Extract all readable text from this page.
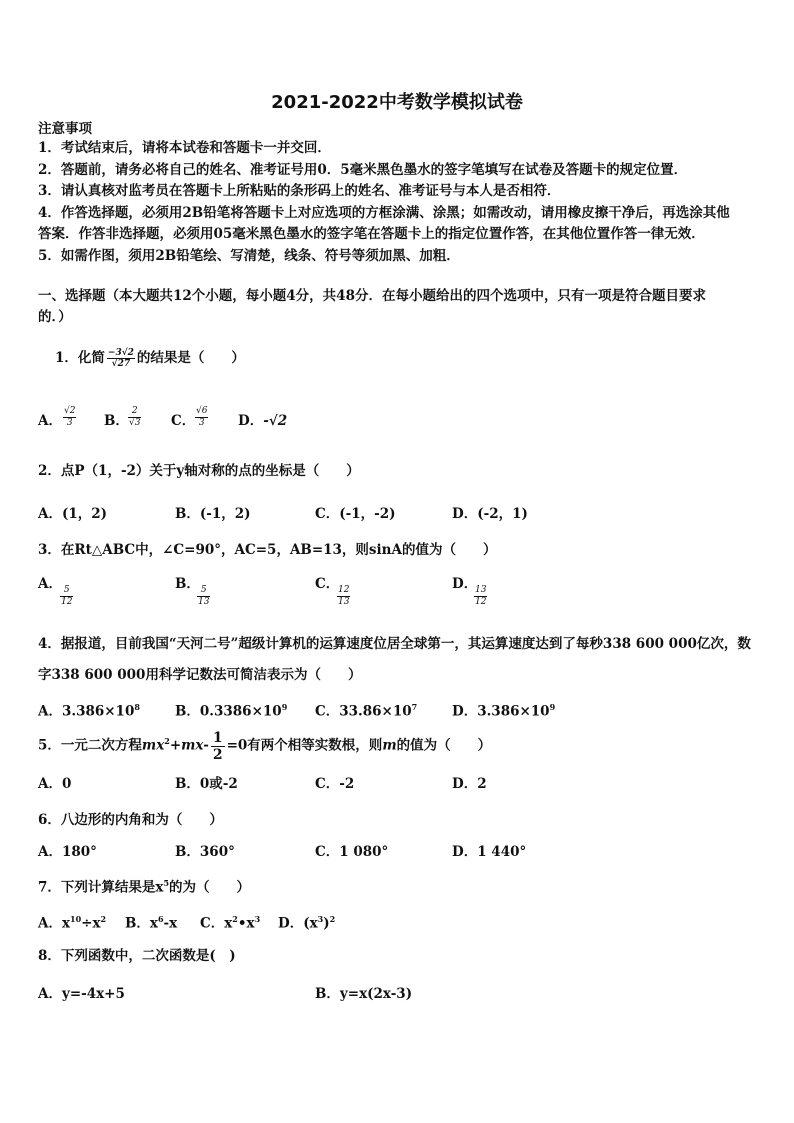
2021-2022中考数学模拟试卷
注意事项
1．考试结束后，请将本试卷和答题卡一并交回．
2．答题前，请务必将自己的姓名、准考证号用0．5毫米黑色墨水的签字笔填写在试卷及答题卡的规定位置．
3．请认真核对监考员在答题卡上所粘贴的条形码上的姓名、准考证号与本人是否相符．
4．作答选择题，必须用2B铅笔将答题卡上对应选项的方框涂满、涂黑；如需改动，请用橡皮擦干净后，再选涂其他
答案．作答非选择题，必须用05毫米黑色墨水的签字笔在答题卡上的指定位置作答，在其他位置作答一律无效．
5．如需作图，须用2B铅笔绘、写清楚，线条、符号等须加黑、加粗．
一、选择题（本大题共12个小题，每小题4分，共48分．在每小题给出的四个选项中，只有一项是符合题目要求
的．）
1．化简 $\frac{-3√2}{√27}$ 的结果是（　　）
A． $\frac{√2}{3}$ B． $\frac{2}{√3}$ C． $\frac{√6}{3}$ D．-√2
2．点P（1，-2）关于y轴对称的点的坐标是（　　）
A．(1，2)	B．(-1，2)	C．(-1，-2)	D．(-2，1)
3．在Rt△ABC中，∠C=90°，AC=5，AB=13，则sinA的值为（　　）
A．
$\frac{5}{12}$
B．
$\frac{5}{13}$
C．
$\frac{12}{13}$
D．
$\frac{13}{12}$
4．据报道，目前我国“天河二号”超级计算机的运算速度位居全球第一，其运算速度达到了每秒338 600 000亿次，数
字338 600 000用科学记数法可简洁表示为（　　）
A．$3.386\times 10^8$	B．$0.3386\times 10^9$ C．$33.86\times 10^7$	D．$3.386\times 10^9$
5．一元二次方程$mx^2+mx- \frac{1}{2} =0$有两个相等实数根，则m的值为（　　）
A．0	B．0或-2	C．-2	D．2
6．八边形的内角和为（　　）
A．180°	B．360°	C．1 080°	D．1 440°
7．下列计算结果是$x^5$的为（　　）
A．$x^{10}\div x^2$ B．$x^6-x$ C．$x^2•x^3$ D．$(x^3)^2$
8．下列函数中，二次函数是(　)
A．y=-4x+5	B．y=x(2x-3)
